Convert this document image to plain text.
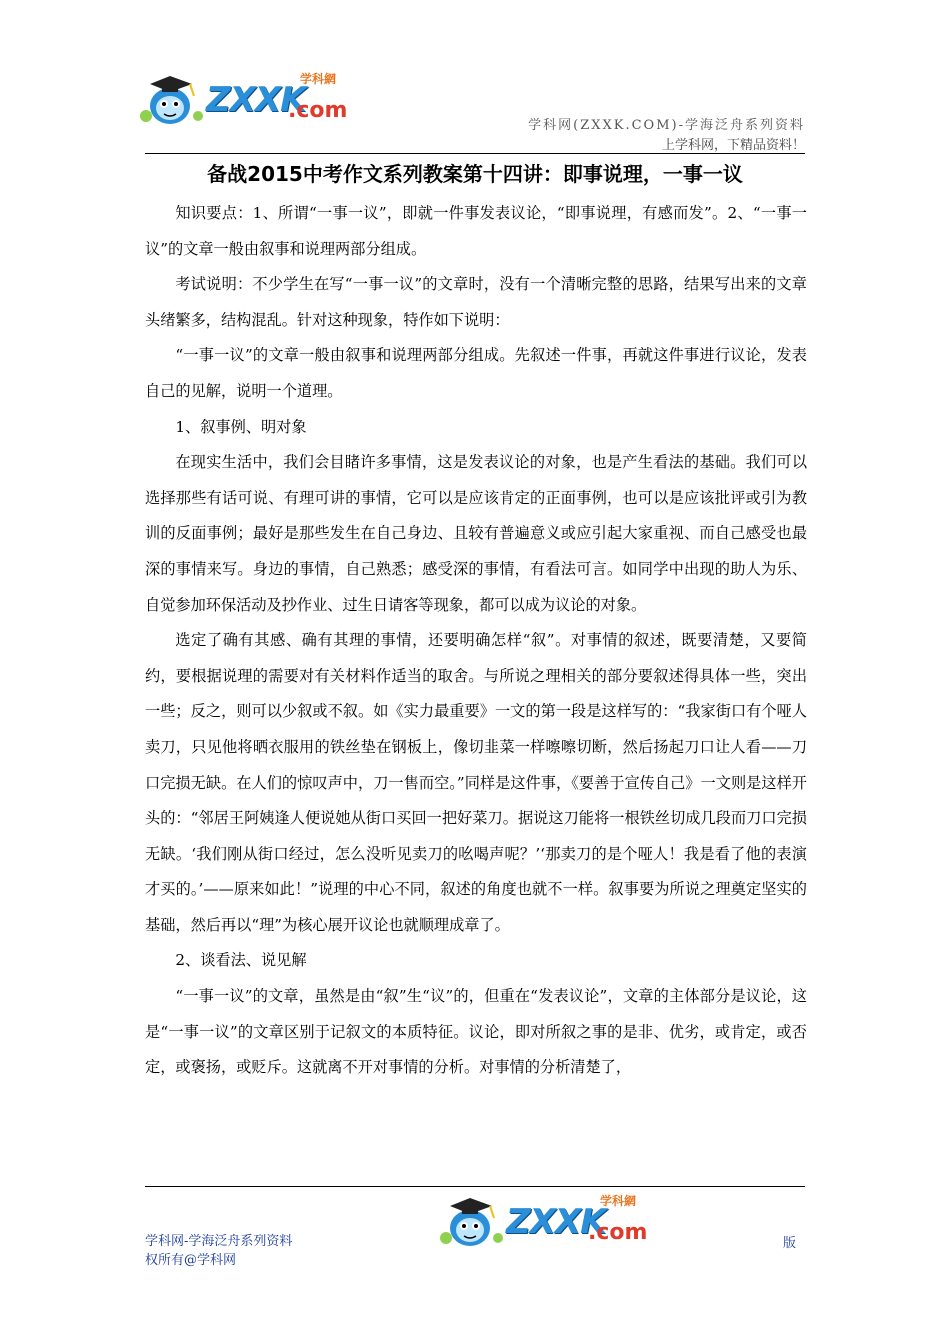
ZXXK
.com
学科網
学科网(ZXXK.COM)-学海泛舟系列资料
上学科网，下精品资料！
备战2015中考作文系列教案第十四讲：即事说理，一事一议

知识要点：1、所谓“一事一议”，即就一件事发表议论，“即事说理，有感而发”。2、“一事一议”的文章一般由叙事和说理两部分组成。

考试说明：不少学生在写“一事一议”的文章时，没有一个清晰完整的思路，结果写出来的文章头绪繁多，结构混乱。针对这种现象，特作如下说明：

“一事一议”的文章一般由叙事和说理两部分组成。先叙述一件事，再就这件事进行议论，发表自己的见解，说明一个道理。

1、叙事例、明对象

在现实生活中，我们会目睹许多事情，这是发表议论的对象，也是产生看法的基础。我们可以选择那些有话可说、有理可讲的事情，它可以是应该肯定的正面事例，也可以是应该批评或引为教训的反面事例；最好是那些发生在自己身边、且较有普遍意义或应引起大家重视、而自己感受也最深的事情来写。身边的事情，自己熟悉；感受深的事情，有看法可言。如同学中出现的助人为乐、自觉参加环保活动及抄作业、过生日请客等现象，都可以成为议论的对象。

选定了确有其感、确有其理的事情，还要明确怎样“叙”。对事情的叙述，既要清楚，又要简约，要根据说理的需要对有关材料作适当的取舍。与所说之理相关的部分要叙述得具体一些，突出一些；反之，则可以少叙或不叙。如《实力最重要》一文的第一段是这样写的：“我家街口有个哑人卖刀，只见他将晒衣服用的铁丝垫在钢板上，像切韭菜一样嚓嚓切断，然后扬起刀口让人看——刀口完损无缺。在人们的惊叹声中，刀一售而空。”同样是这件事，《要善于宣传自己》一文则是这样开头的：“邻居王阿姨逢人便说她从街口买回一把好菜刀。据说这刀能将一根铁丝切成几段而刀口完损无缺。‘我们刚从街口经过，怎么没听见卖刀的吆喝声呢？’‘那卖刀的是个哑人！我是看了他的表演才买的。’——原来如此！”说理的中心不同，叙述的角度也就不一样。叙事要为所说之理奠定坚实的基础，然后再以“理”为核心展开议论也就顺理成章了。

2、谈看法、说见解

“一事一议”的文章，虽然是由“叙”生“议”的，但重在“发表议论”，文章的主体部分是议论，这是“一事一议”的文章区别于记叙文的本质特征。议论，即对所叙之事的是非、优劣，或肯定，或否定，或褒扬，或贬斥。这就离不开对事情的分析。对事情的分析清楚了，

ZXXK
.com
学科網
学科网-学海泛舟系列资料
权所有@学科网
版
